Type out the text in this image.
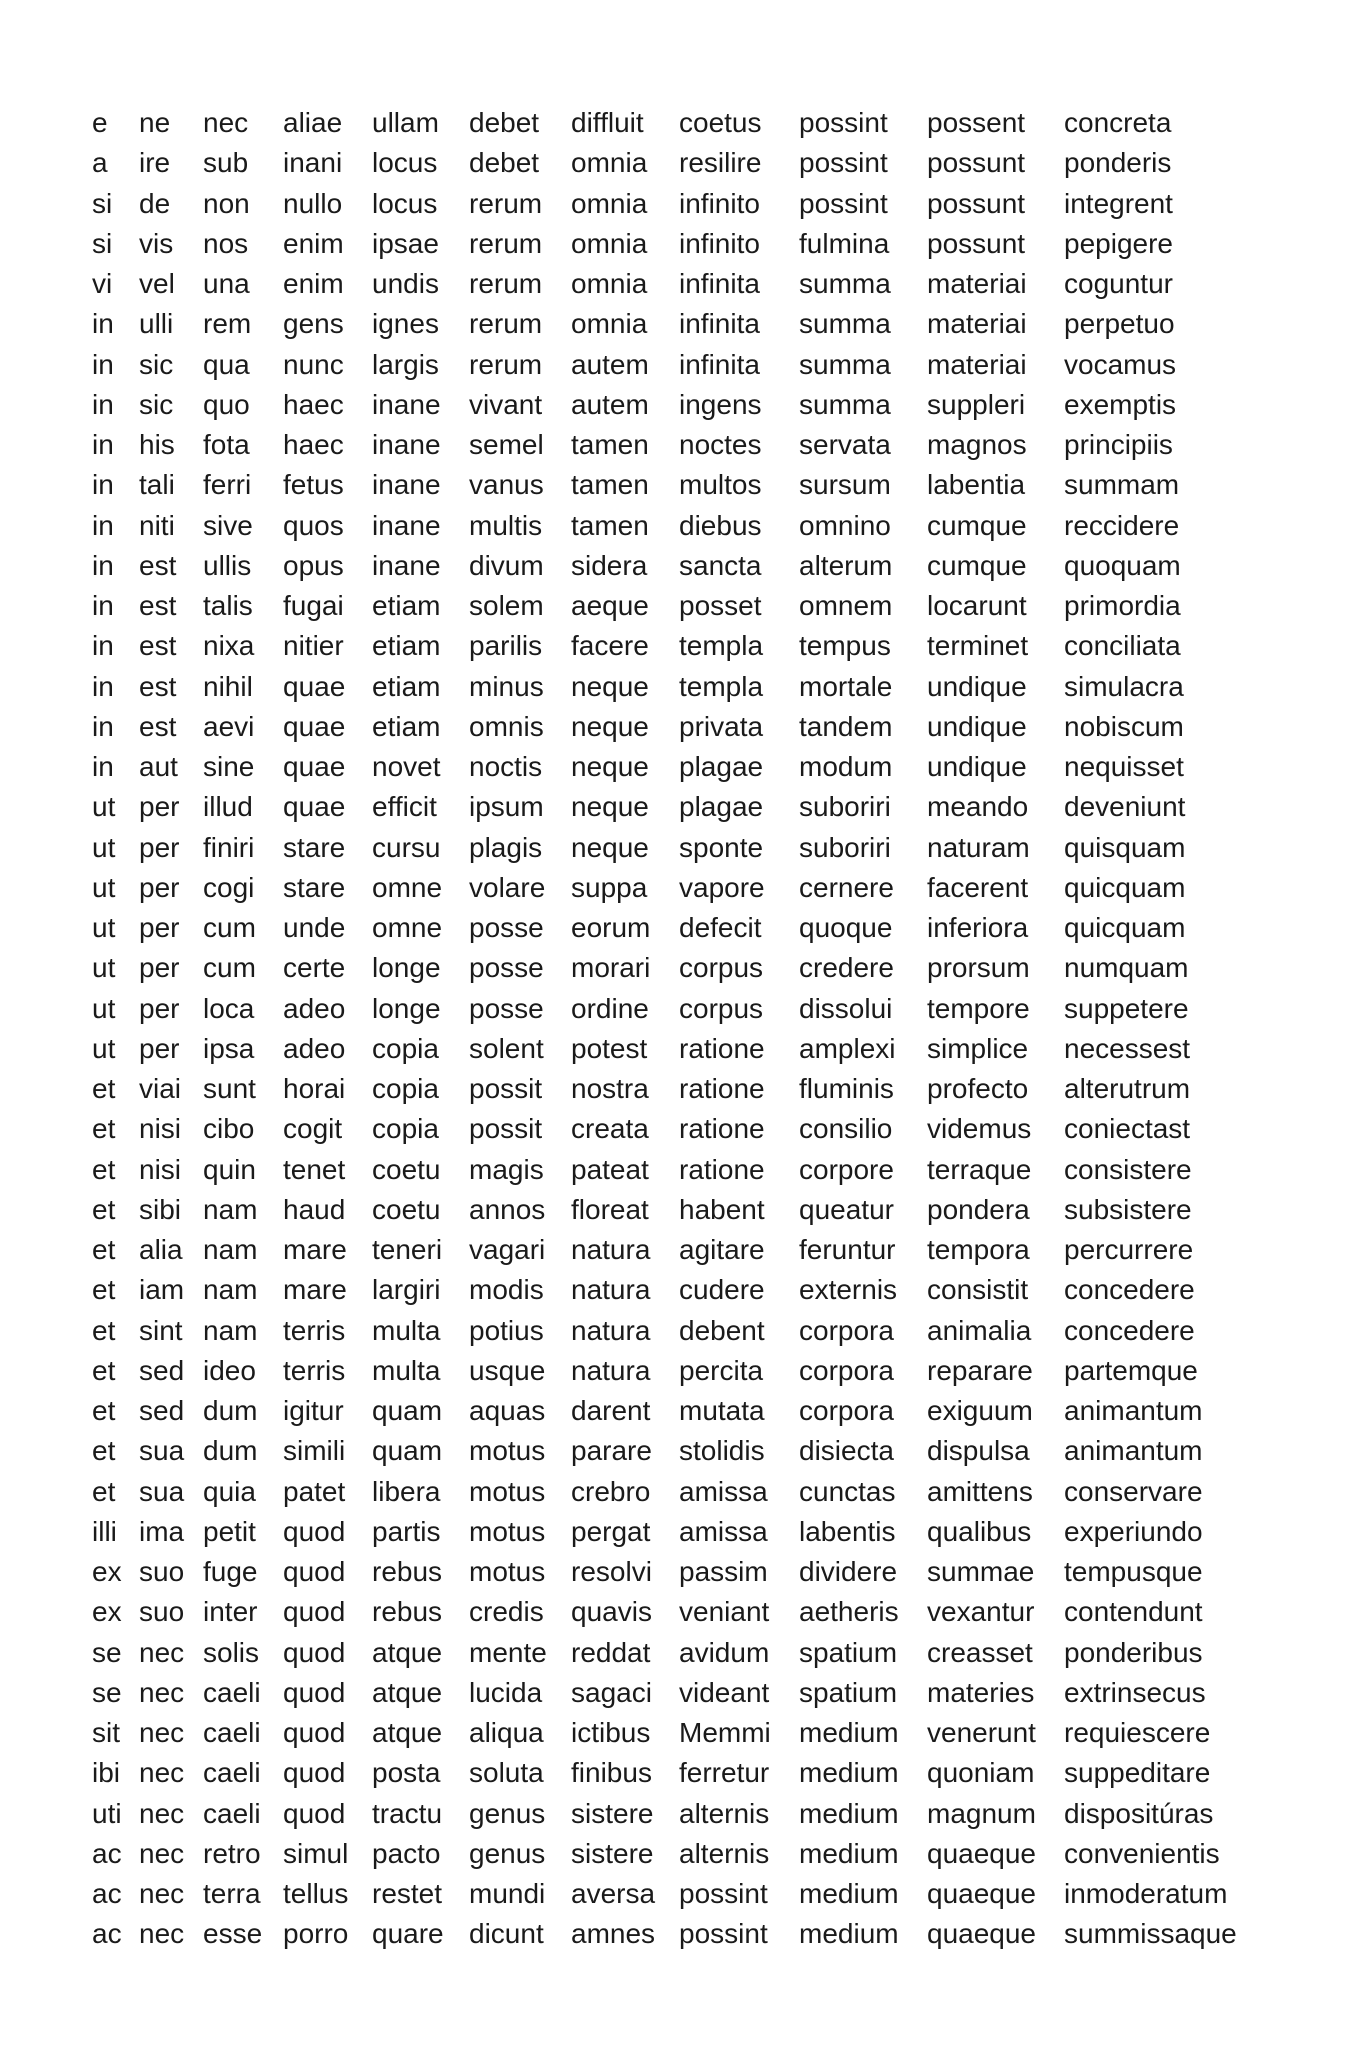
e	ne	nec	aliae	ullam	debet	diffluit	coetus	possint	possent	concreta
a	ire	sub	inani	locus	debet	omnia	resilire	possint	possunt	ponderis
si	de	non	nullo	locus	rerum	omnia	infinito	possint	possunt	integrent
si	vis	nos	enim	ipsae	rerum	omnia	infinito	fulmina	possunt	pepigere
vi	vel	una	enim	undis	rerum	omnia	infinita	summa	materiai	coguntur
in	ulli	rem	gens	ignes	rerum	omnia	infinita	summa	materiai	perpetuo
in	sic	qua	nunc	largis	rerum	autem	infinita	summa	materiai	vocamus
in	sic	quo	haec	inane	vivant	autem	ingens	summa	suppleri	exemptis
in	his	fota	haec	inane	semel	tamen	noctes	servata	magnos	principiis
in	tali	ferri	fetus	inane	vanus	tamen	multos	sursum	labentia	summam
in	niti	sive	quos	inane	multis	tamen	diebus	omnino	cumque	reccidere
in	est	ullis	opus	inane	divum	sidera	sancta	alterum	cumque	quoquam
in	est	talis	fugai	etiam	solem	aeque	posset	omnem	locarunt	primordia
in	est	nixa	nitier	etiam	parilis	facere	templa	tempus	terminet	conciliata
in	est	nihil	quae	etiam	minus	neque	templa	mortale	undique	simulacra
in	est	aevi	quae	etiam	omnis	neque	privata	tandem	undique	nobiscum
in	aut	sine	quae	novet	noctis	neque	plagae	modum	undique	nequisset
ut	per	illud	quae	efficit	ipsum	neque	plagae	suboriri	meando	deveniunt
ut	per	finiri	stare	cursu	plagis	neque	sponte	suboriri	naturam	quisquam
ut	per	cogi	stare	omne	volare	suppa	vapore	cernere	facerent	quicquam
ut	per	cum	unde	omne	posse	eorum	defecit	quoque	inferiora	quicquam
ut	per	cum	certe	longe	posse	morari	corpus	credere	prorsum	numquam
ut	per	loca	adeo	longe	posse	ordine	corpus	dissolui	tempore	suppetere
ut	per	ipsa	adeo	copia	solent	potest	ratione	amplexi	simplice	necessest
et	viai	sunt	horai	copia	possit	nostra	ratione	fluminis	profecto	alterutrum
et	nisi	cibo	cogit	copia	possit	creata	ratione	consilio	videmus	coniectast
et	nisi	quin	tenet	coetu	magis	pateat	ratione	corpore	terraque	consistere
et	sibi	nam	haud	coetu	annos	floreat	habent	queatur	pondera	subsistere
et	alia	nam	mare	teneri	vagari	natura	agitare	feruntur	tempora	percurrere
et	iam	nam	mare	largiri	modis	natura	cudere	externis	consistit	concedere
et	sint	nam	terris	multa	potius	natura	debent	corpora	animalia	concedere
et	sed	ideo	terris	multa	usque	natura	percita	corpora	reparare	partemque
et	sed	dum	igitur	quam	aquas	darent	mutata	corpora	exiguum	animantum
et	sua	dum	simili	quam	motus	parare	stolidis	disiecta	dispulsa	animantum
et	sua	quia	patet	libera	motus	crebro	amissa	cunctas	amittens	conservare
illi	ima	petit	quod	partis	motus	pergat	amissa	labentis	qualibus	experiundo
ex	suo	fuge	quod	rebus	motus	resolvi	passim	dividere	summae	tempusque
ex	suo	inter	quod	rebus	credis	quavis	veniant	aetheris	vexantur	contendunt
se	nec	solis	quod	atque	mente	reddat	avidum	spatium	creasset	ponderibus
se	nec	caeli	quod	atque	lucida	sagaci	videant	spatium	materies	extrinsecus
sit	nec	caeli	quod	atque	aliqua	ictibus	Memmi	medium	venerunt	requiescere
ibi	nec	caeli	quod	posta	soluta	finibus	ferretur	medium	quoniam	suppeditare
uti	nec	caeli	quod	tractu	genus	sistere	alternis	medium	magnum	dispositúras
ac	nec	retro	simul	pacto	genus	sistere	alternis	medium	quaeque	convenientis
ac	nec	terra	tellus	restet	mundi	aversa	possint	medium	quaeque	inmoderatum
ac	nec	esse	porro	quare	dicunt	amnes	possint	medium	quaeque	summissaque
